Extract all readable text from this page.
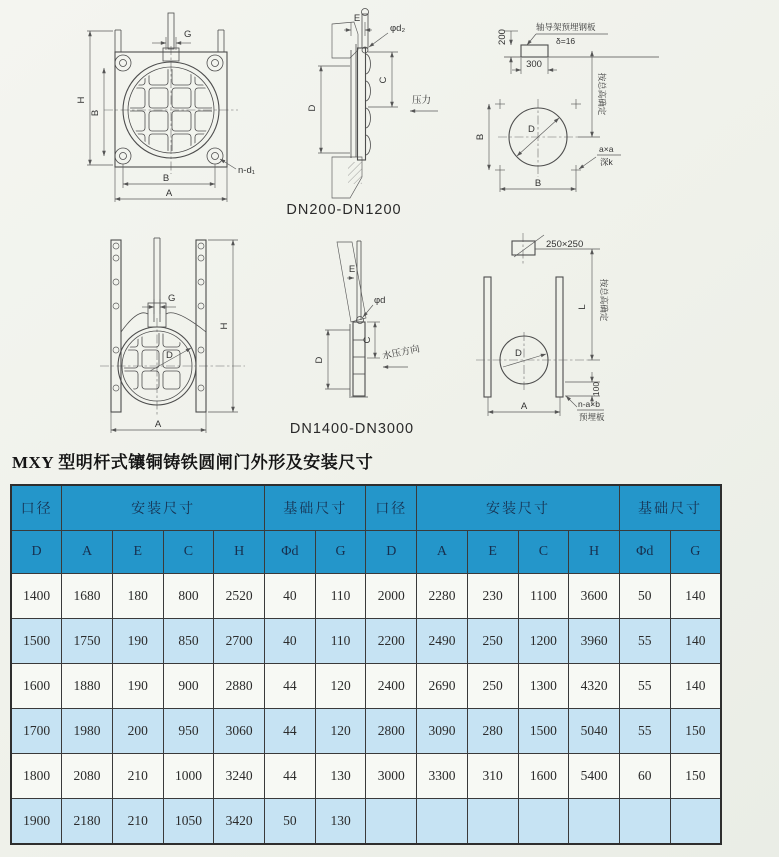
G
H
B
B
A
n-d₁
E
φd₂
C
D
压力
DN200-DN1200
200
300
轴导架预埋钢板
δ=16
D
B
B
按总高确定
a×a
深k
G
D
H
A
E
φd
C
D	水压方向
DN1400-DN3000
250×250
D
L 按总高确定
100
n-a×b
预埋板
A
MXY 型明杆式镶铜铸铁圆闸门外形及安装尺寸
口径	安装尺寸				基础尺寸		口径	安装尺寸				基础尺寸	
D	A	E	C	H	Φd	G	D	A	E	C	H	Φd	G
1400	1680	180	800	2520	40	110	2000	2280	230	1100	3600	50	140
1500	1750	190	850	2700	40	110	2200	2490	250	1200	3960	55	140
1600	1880	190	900	2880	44	120	2400	2690	250	1300	4320	55	140
1700	1980	200	950	3060	44	120	2800	3090	280	1500	5040	55	150
1800	2080	210	1000	3240	44	130	3000	3300	310	1600	5400	60	150
1900	2180	210	1050	3420	50	130							
